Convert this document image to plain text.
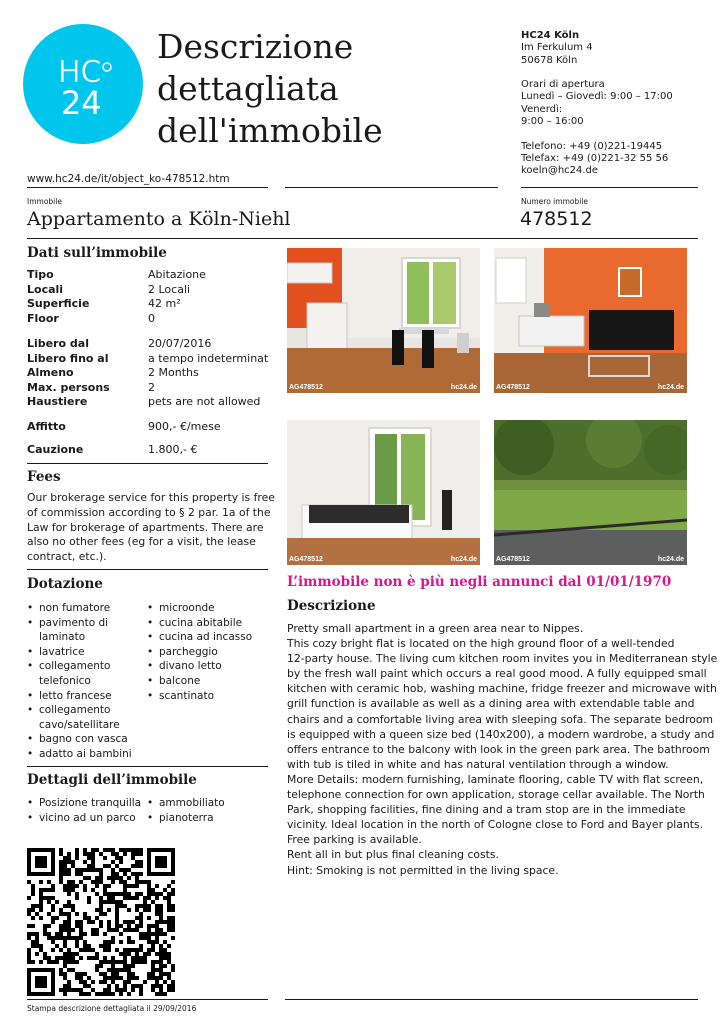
HC
24
Descrizione
dettagliata
dell'immobile
HC24 Köln
Im Ferkulum 4
50678 Köln
Orari di apertura
Lunedì – Giovedì: 9:00 – 17:00
Venerdì:
9:00 – 16:00
Telefono: +49 (0)221-19445
Telefax: +49 (0)221-32 55 56
koeln@hc24.de
www.hc24.de/it/object_ko-478512.htm
Immobile
Appartamento a Köln-Niehl
Numero immobile
478512
Dati sull’immobile
Tipo	Abitazione
Locali	2 Locali
Superficie	42 m²
Floor	0
Libero dal	20/07/2016
Libero fino al	a tempo indeterminat
Almeno	2 Months
Max. persons	2
Haustiere	pets are not allowed
Affitto	900,- €/mese
Cauzione	1.800,- €
Fees
Our brokerage service for this property is free
of commission according to § 2 par. 1a of the
Law for brokerage of apartments. There are
also no other fees (eg for a visit, the lease
contract, etc.).
Dotazione
• non fumatore
• pavimento di laminato
• lavatrice
• collegamento telefonico
• letto francese
• collegamento cavo/satellitare
• bagno con vasca
• adatto ai bambini
• microonde
• cucina abitabile
• cucina ad incasso
• parcheggio
• divano letto
• balcone
• scantinato
Dettagli dell’immobile
• Posizione tranquilla
• vicino ad un parco
• ammobiliato
• pianoterra
Stampa descrizione dettagliata il 29/09/2016
AG478512	hc24.de	AG478512	hc24.de
AG478512	hc24.de	AG478512	hc24.de
L’immobile non è più negli annunci dal 01/01/1970
Descrizione
Pretty small apartment in a green area near to Nippes.
This cozy bright flat is located on the high ground floor of a well-tended
12-party house. The living cum kitchen room invites you in Mediterranean style
by the fresh wall paint which occurs a real good mood. A fully equipped small
kitchen with ceramic hob, washing machine, fridge freezer and microwave with
grill function is available as well as a dining area with extendable table and
chairs and a comfortable living area with sleeping sofa. The separate bedroom
is equipped with a queen size bed (140x200), a modern wardrobe, a study and
offers entrance to the balcony with look in the green park area. The bathroom
with tub is tiled in white and has natural ventilation through a window.
More Details: modern furnishing, laminate flooring, cable TV with flat screen,
telephone connection for own application, storage cellar available. The North
Park, shopping facilities, fine dining and a tram stop are in the immediate
vicinity. Ideal location in the north of Cologne close to Ford and Bayer plants.
Free parking is available.
Rent all in but plus final cleaning costs.
Hint: Smoking is not permitted in the living space.
